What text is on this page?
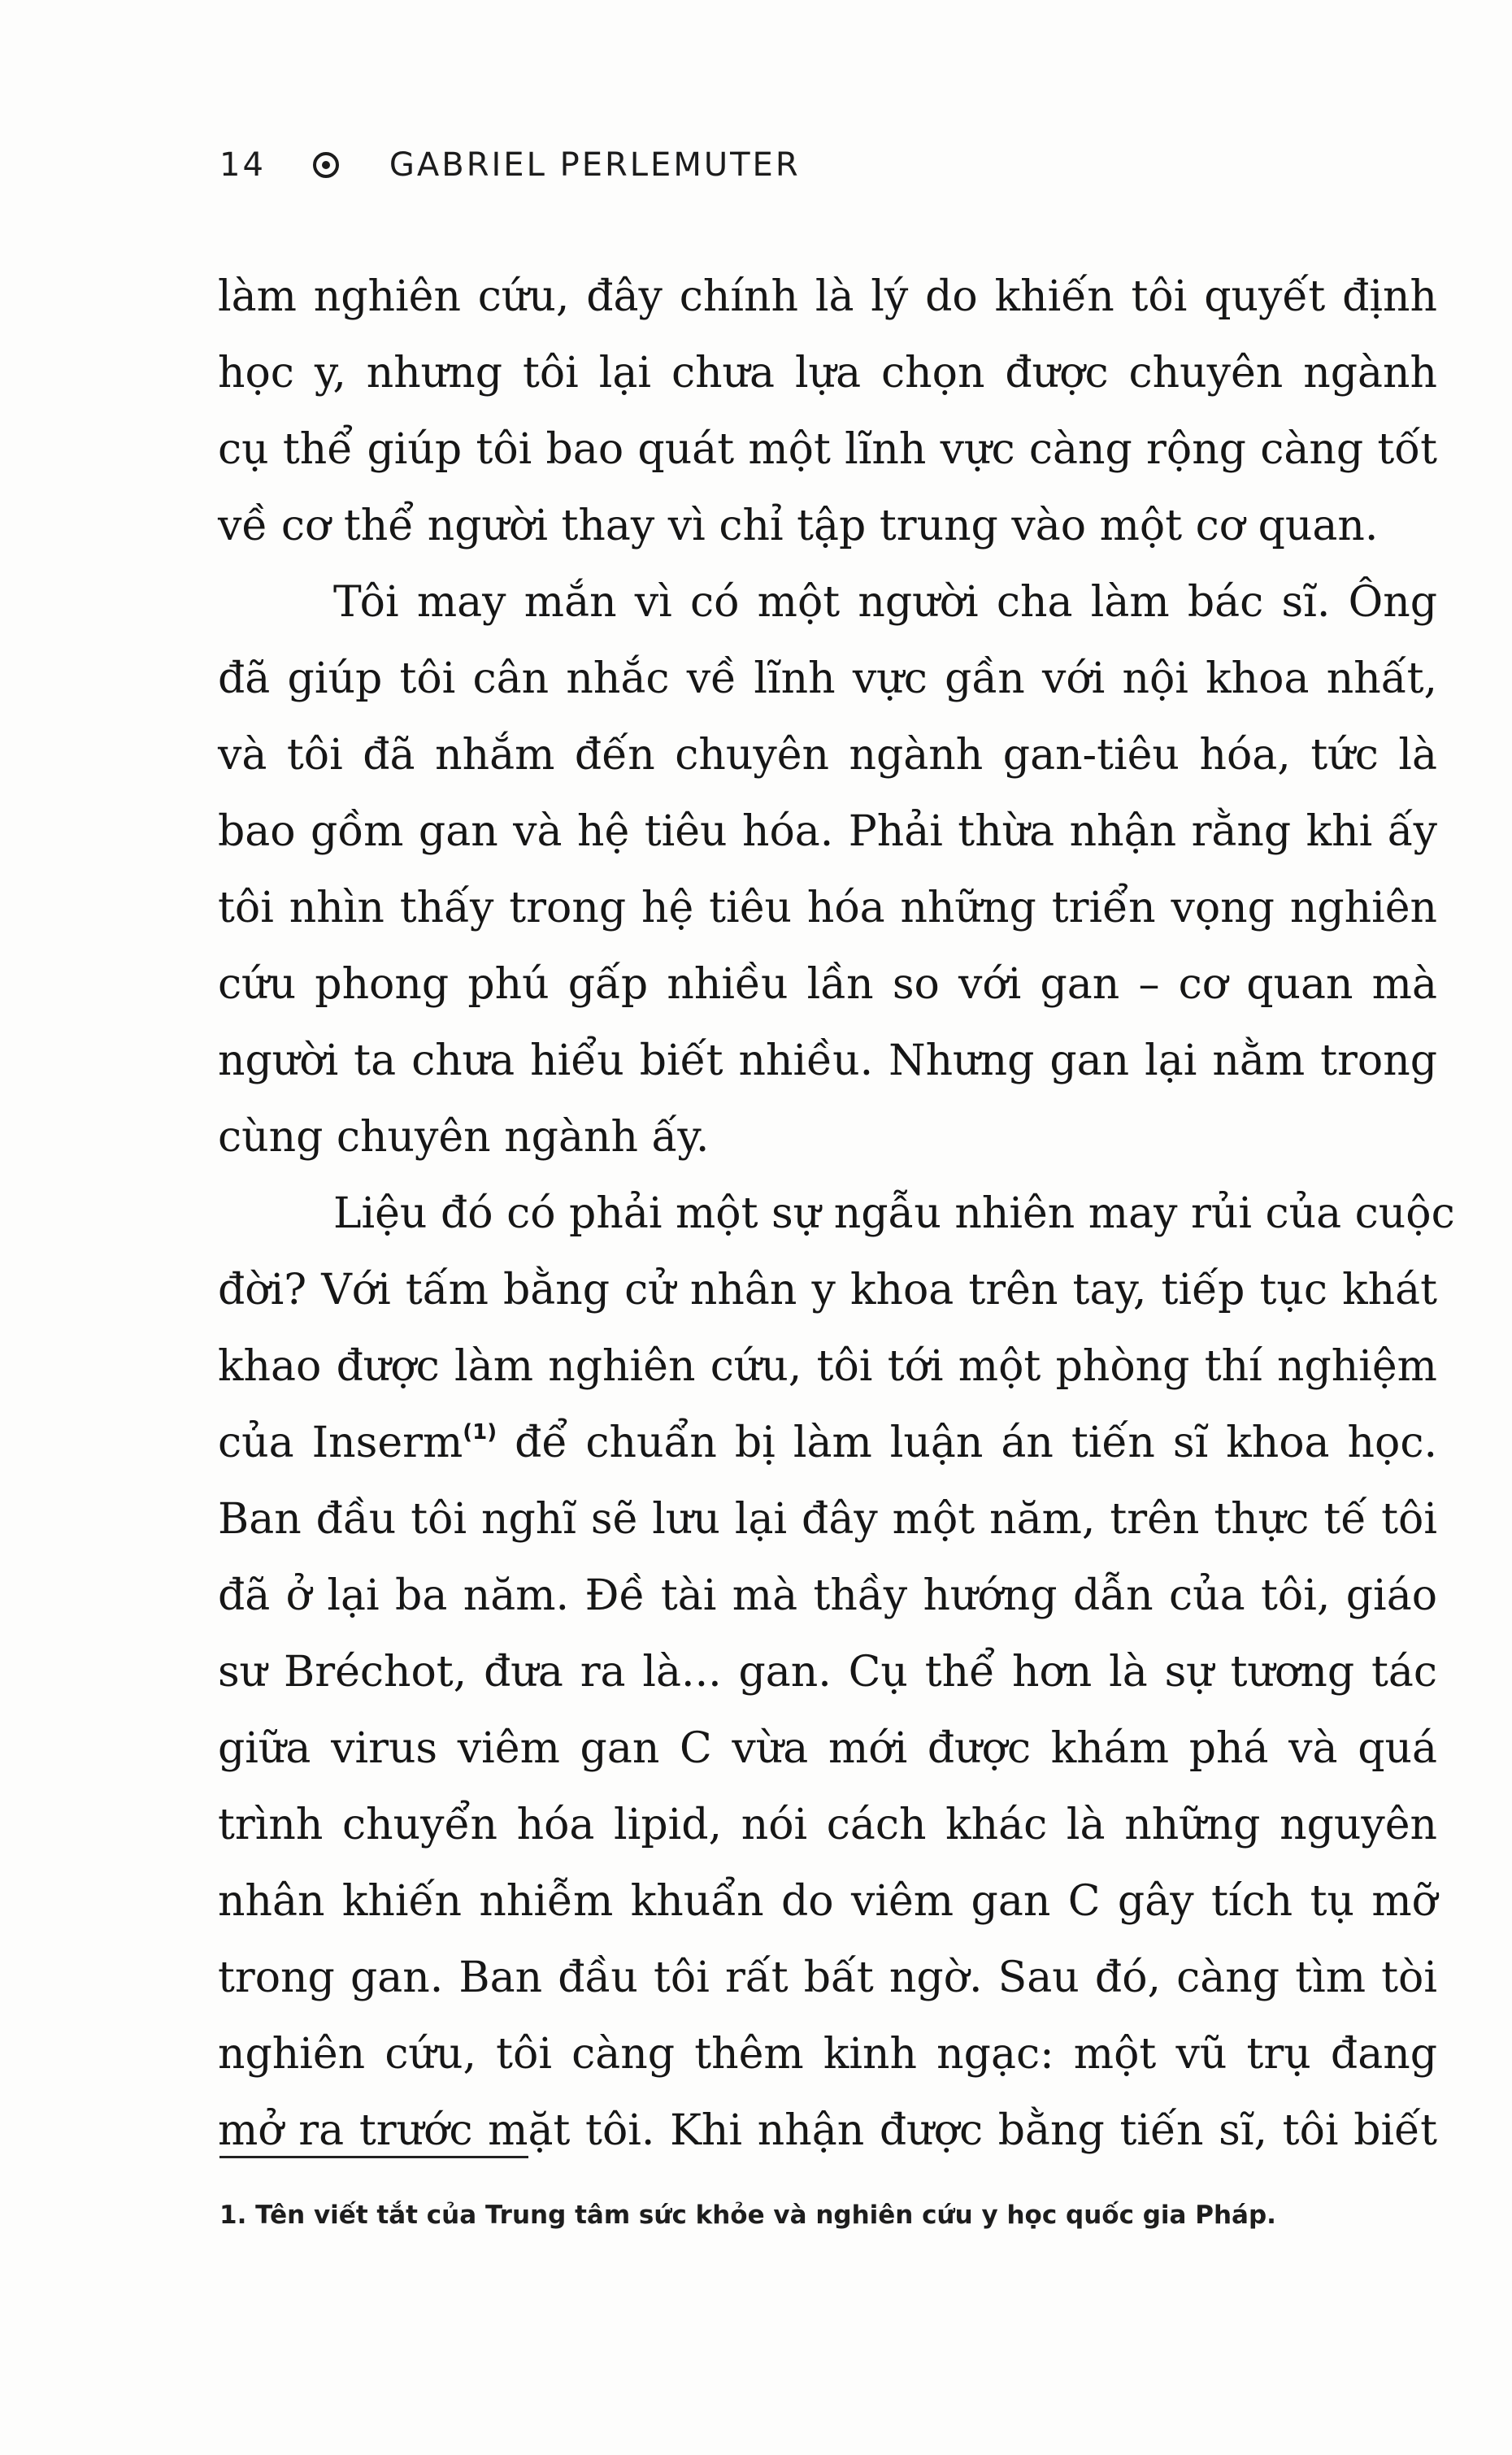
14	GABRIEL PERLEMUTER

làm nghiên cứu, đây chính là lý do khiến tôi quyết định

học y, nhưng tôi lại chưa lựa chọn được chuyên ngành

cụ thể giúp tôi bao quát một lĩnh vực càng rộng càng tốt

về cơ thể người thay vì chỉ tập trung vào một cơ quan.

Tôi may mắn vì có một người cha làm bác sĩ. Ông

đã giúp tôi cân nhắc về lĩnh vực gần với nội khoa nhất,

và tôi đã nhắm đến chuyên ngành gan-tiêu hóa, tức là

bao gồm gan và hệ tiêu hóa. Phải thừa nhận rằng khi ấy

tôi nhìn thấy trong hệ tiêu hóa những triển vọng nghiên

cứu phong phú gấp nhiều lần so với gan – cơ quan mà

người ta chưa hiểu biết nhiều. Nhưng gan lại nằm trong

cùng chuyên ngành ấy.

Liệu đó có phải một sự ngẫu nhiên may rủi của cuộc

đời? Với tấm bằng cử nhân y khoa trên tay, tiếp tục khát

khao được làm nghiên cứu, tôi tới một phòng thí nghiệm

của Inserm$^{(1)}$ để chuẩn bị làm luận án tiến sĩ khoa học.

Ban đầu tôi nghĩ sẽ lưu lại đây một năm, trên thực tế tôi

đã ở lại ba năm. Đề tài mà thầy hướng dẫn của tôi, giáo

sư Bréchot, đưa ra là... gan. Cụ thể hơn là sự tương tác

giữa virus viêm gan C vừa mới được khám phá và quá

trình chuyển hóa lipid, nói cách khác là những nguyên

nhân khiến nhiễm khuẩn do viêm gan C gây tích tụ mỡ

trong gan. Ban đầu tôi rất bất ngờ. Sau đó, càng tìm tòi

nghiên cứu, tôi càng thêm kinh ngạc: một vũ trụ đang

mở ra trước mặt tôi. Khi nhận được bằng tiến sĩ, tôi biết

1. Tên viết tắt của Trung tâm sức khỏe và nghiên cứu y học quốc gia Pháp.
